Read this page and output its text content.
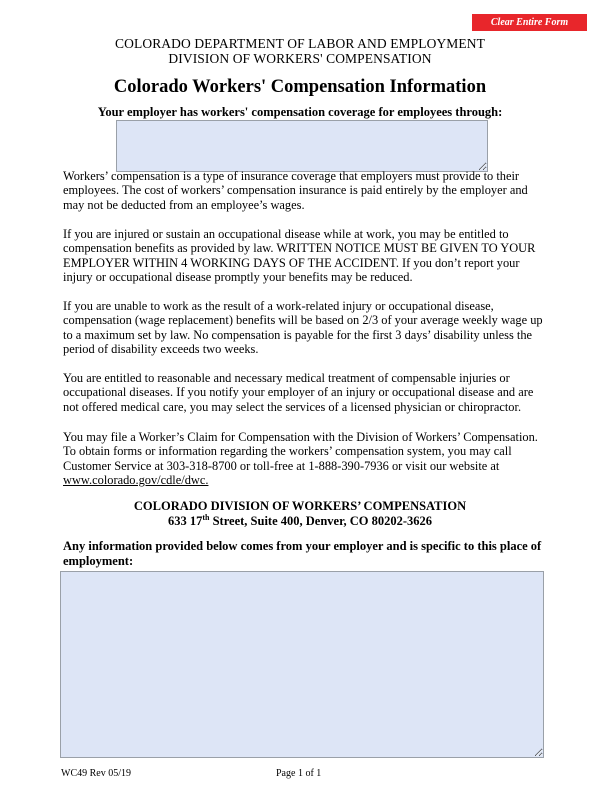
Clear Entire Form
COLORADO DEPARTMENT OF LABOR AND EMPLOYMENT
DIVISION OF WORKERS' COMPENSATION
Colorado Workers' Compensation Information
Your employer has workers' compensation coverage for employees through:

Workers’ compensation is a type of insurance coverage that employers must provide to their employees. The cost of workers’ compensation insurance is paid entirely by the employer and may not be deducted from an employee’s wages.

If you are injured or sustain an occupational disease while at work, you may be entitled to compensation benefits as provided by law. WRITTEN NOTICE MUST BE GIVEN TO YOUR EMPLOYER WITHIN 4 WORKING DAYS OF THE ACCIDENT. If you don’t report your injury or occupational disease promptly your benefits may be reduced.

If you are unable to work as the result of a work-related injury or occupational disease, compensation (wage replacement) benefits will be based on 2/3 of your average weekly wage up to a maximum set by law. No compensation is payable for the first 3 days’ disability unless the period of disability exceeds two weeks.

You are entitled to reasonable and necessary medical treatment of compensable injuries or occupational diseases. If you notify your employer of an injury or occupational disease and are not offered medical care, you may select the services of a licensed physician or chiropractor.

You may file a Worker’s Claim for Compensation with the Division of Workers’ Compensation. To obtain forms or information regarding the workers’ compensation system, you may call Customer Service at 303-318-8700 or toll-free at 1-888-390-7936 or visit our website at www.colorado.gov/cdle/dwc.

COLORADO DIVISION OF WORKERS’ COMPENSATION
633 17th Street, Suite 400, Denver, CO 80202-3626
Any information provided below comes from your employer and is specific to this place of employment:
WC49 Rev 05/19	Page 1 of 1
